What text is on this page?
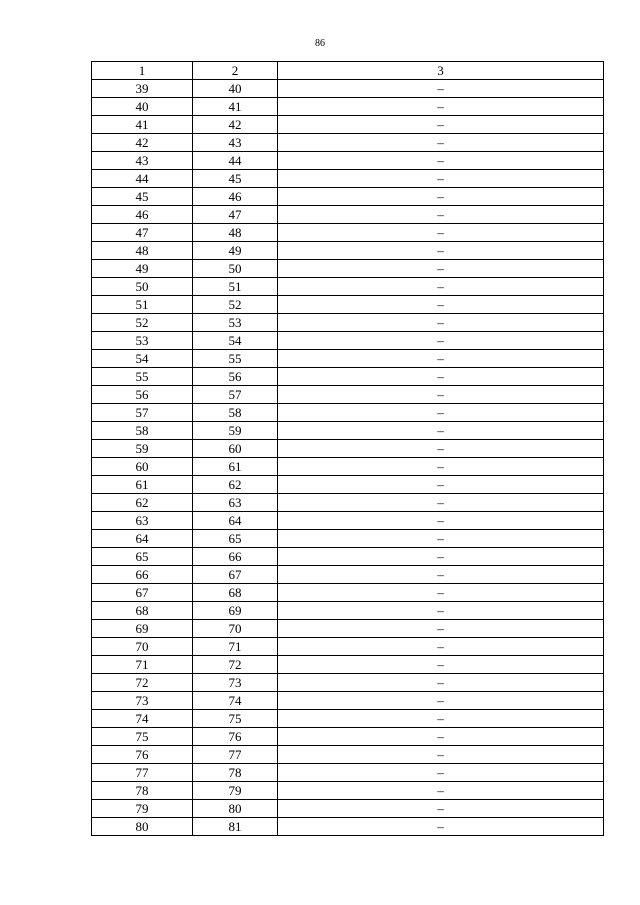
86
1	2	3
39	40	–
40	41	–
41	42	–
42	43	–
43	44	–
44	45	–
45	46	–
46	47	–
47	48	–
48	49	–
49	50	–
50	51	–
51	52	–
52	53	–
53	54	–
54	55	–
55	56	–
56	57	–
57	58	–
58	59	–
59	60	–
60	61	–
61	62	–
62	63	–
63	64	–
64	65	–
65	66	–
66	67	–
67	68	–
68	69	–
69	70	–
70	71	–
71	72	–
72	73	–
73	74	–
74	75	–
75	76	–
76	77	–
77	78	–
78	79	–
79	80	–
80	81	–
